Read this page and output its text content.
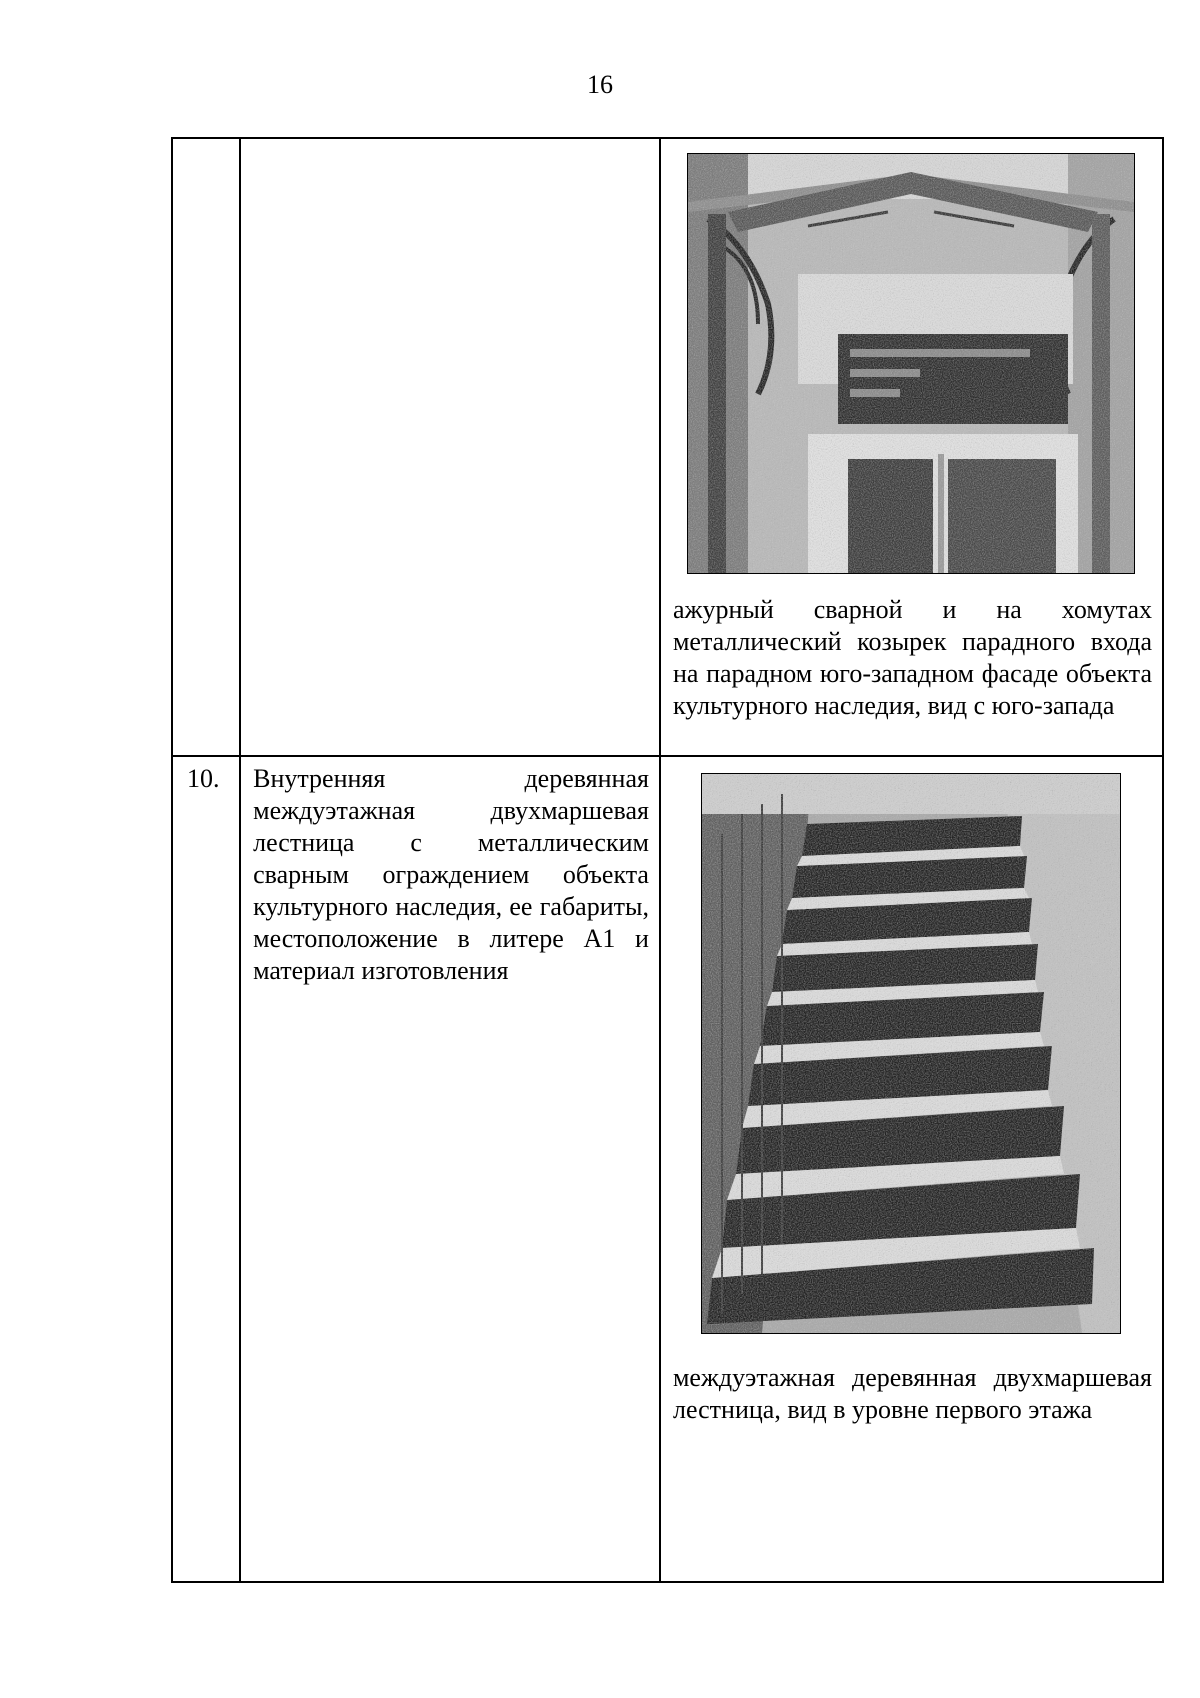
16

		ажурный сварной и на хомутах металлический козырек парадного входа на парадном юго-западном фасаде объекта культурного наследия, вид с юго-запада

10.	Внутренняя деревянная междуэтажная двухмаршевая лестница с металлическим сварным ограждением объекта культурного наследия, ее габариты, местоположение в литере А1 и материал изготовления	междуэтажная деревянная двухмаршевая лестница, вид в уровне первого этажа
